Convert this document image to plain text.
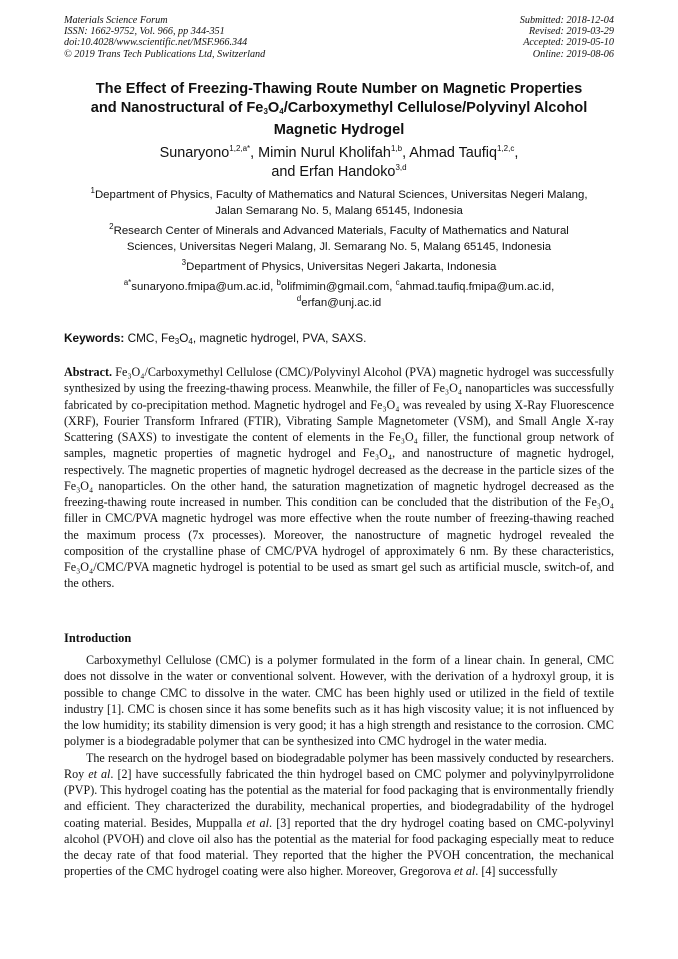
Materials Science Forum
ISSN: 1662-9752, Vol. 966, pp 344-351
doi:10.4028/www.scientific.net/MSF.966.344
© 2019 Trans Tech Publications Ltd, Switzerland
Submitted: 2018-12-04
Revised: 2019-03-29
Accepted: 2019-05-10
Online: 2019-08-06
The Effect of Freezing-Thawing Route Number on Magnetic Properties
and Nanostructural of $Fe_3O_4$/Carboxymethyl Cellulose/Polyvinyl Alcohol
Magnetic Hydrogel
Sunaryono$^{1,2,a*}$, Mimin Nurul Kholifah$^{1,b}$, Ahmad Taufiq$^{1,2,c}$,
and Erfan Handoko$^{3,d}$
$^1$Department of Physics, Faculty of Mathematics and Natural Sciences, Universitas Negeri Malang,
Jalan Semarang No. 5, Malang 65145, Indonesia
$^2$Research Center of Minerals and Advanced Materials, Faculty of Mathematics and Natural
Sciences, Universitas Negeri Malang, Jl. Semarang No. 5, Malang 65145, Indonesia
$^3$Department of Physics, Universitas Negeri Jakarta, Indonesia
$^{a*}$sunaryono.fmipa@um.ac.id, $^b$olifmimin@gmail.com, $^c$ahmad.taufiq.fmipa@um.ac.id,
$^d$erfan@unj.ac.id
Keywords: CMC, $Fe_3O_4$, magnetic hydrogel, PVA, SAXS.
Abstract. Fe₃O₄/Carboxymethyl Cellulose (CMC)/Polyvinyl Alcohol (PVA) magnetic hydrogel was successfully synthesized by using the freezing-thawing process. Meanwhile, the filler of Fe₃O₄ nanoparticles was successfully fabricated by co-precipitation method. Magnetic hydrogel and Fe₃O₄ was revealed by using X-Ray Fluorescence (XRF), Fourier Transform Infrared (FTIR), Vibrating Sample Magnetometer (VSM), and Small Angle X-ray Scattering (SAXS) to investigate the content of elements in the Fe₃O₄ filler, the functional group network of samples, magnetic properties of magnetic hydrogel and Fe₃O₄, and nanostructure of magnetic hydrogel, respectively. The magnetic properties of magnetic hydrogel decreased as the decrease in the particle sizes of the Fe₃O₄ nanoparticles. On the other hand, the saturation magnetization of magnetic hydrogel decreased as the freezing-thawing route increased in number. This condition can be concluded that the distribution of the Fe₃O₄ filler in CMC/PVA magnetic hydrogel was more effective when the route number of freezing-thawing reached the maximum process (7x processes). Moreover, the nanostructure of magnetic hydrogel revealed the composition of the crystalline phase of CMC/PVA hydrogel of approximately 6 nm. By these characteristics, Fe₃O₄/CMC/PVA magnetic hydrogel is potential to be used as smart gel such as artificial muscle, switch-of, and the others.
Introduction

Carboxymethyl Cellulose (CMC) is a polymer formulated in the form of a linear chain. In general, CMC does not dissolve in the water or conventional solvent. However, with the derivation of a hydroxyl group, it is possible to change CMC to dissolve in the water. CMC has been highly used or utilized in the field of textile industry [1]. CMC is chosen since it has some benefits such as it has high viscosity value; it is not influenced by the low humidity; its stability dimension is very good; it has a high strength and resistance to the corrosion. CMC polymer is a biodegradable polymer that can be synthesized into CMC hydrogel in the water media.

The research on the hydrogel based on biodegradable polymer has been massively conducted by researchers. Roy et al. [2] have successfully fabricated the thin hydrogel based on CMC polymer and polyvinylpyrrolidone (PVP). This hydrogel coating has the potential as the material for food packaging that is environmentally friendly and efficient. They characterized the durability, mechanical properties, and biodegradability of the hydrogel coating material. Besides, Muppalla et al. [3] reported that the dry hydrogel coating based on CMC-polyvinyl alcohol (PVOH) and clove oil also has the potential as the material for food packaging especially meat to reduce the decay rate of that food material. They reported that the higher the PVOH concentration, the mechanical properties of the CMC hydrogel coating were also higher. Moreover, Gregorova et al. [4] successfully
